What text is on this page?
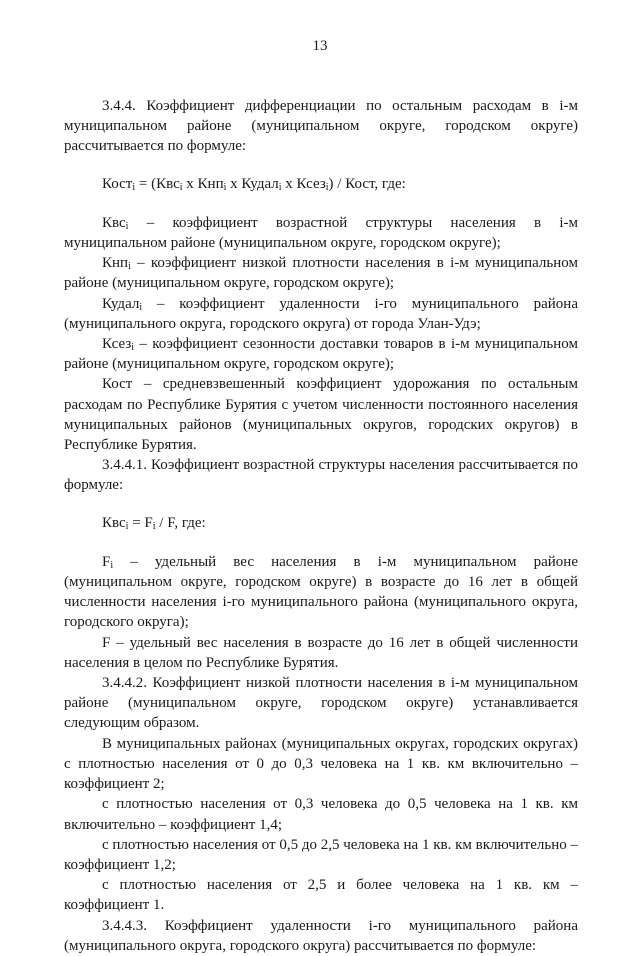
13

3.4.4. Коэффициент дифференциации по остальным расходам в i-м муниципальном районе (муниципальном округе, городском округе) рассчитывается по формуле:

Кост$_i$ = (Квс$_i$ х Кнп$_i$ х Кудал$_i$ х Ксез$_i$) / Кост, где:

Квс$_i$ – коэффициент возрастной структуры населения в i-м муниципальном районе (муниципальном округе, городском округе);

Кнп$_i$ – коэффициент низкой плотности населения в i-м муниципальном районе (муниципальном округе, городском округе);

Кудал$_i$ – коэффициент удаленности i-го муниципального района (муниципального округа, городского округа) от города Улан-Удэ;

Ксез$_i$ – коэффициент сезонности доставки товаров в i-м муниципальном районе (муниципальном округе, городском округе);

Кост – средневзвешенный коэффициент удорожания по остальным расходам по Республике Бурятия с учетом численности постоянного населения муниципальных районов (муниципальных округов, городских округов) в Республике Бурятия.

3.4.4.1. Коэффициент возрастной структуры населения рассчитывается по формуле:

$Квс_i = F_i / F$, где:

$F_i$ – удельный вес населения в i-м муниципальном районе (муниципальном округе, городском округе) в возрасте до 16 лет в общей численности населения i-го муниципального района (муниципального округа, городского округа);

F – удельный вес населения в возрасте до 16 лет в общей численности населения в целом по Республике Бурятия.

3.4.4.2. Коэффициент низкой плотности населения в i-м муниципальном районе (муниципальном округе, городском округе) устанавливается следующим образом.

В муниципальных районах (муниципальных округах, городских округах) с плотностью населения от 0 до 0,3 человека на 1 кв. км включительно – коэффициент 2;

с плотностью населения от 0,3 человека до 0,5 человека на 1 кв. км включительно – коэффициент 1,4;

с плотностью населения от 0,5 до 2,5 человека на 1 кв. км включительно – коэффициент 1,2;

с плотностью населения от 2,5 и более человека на 1 кв. км – коэффициент 1.

3.4.4.3. Коэффициент удаленности i-го муниципального района (муниципального округа, городского округа) рассчитывается по формуле:
